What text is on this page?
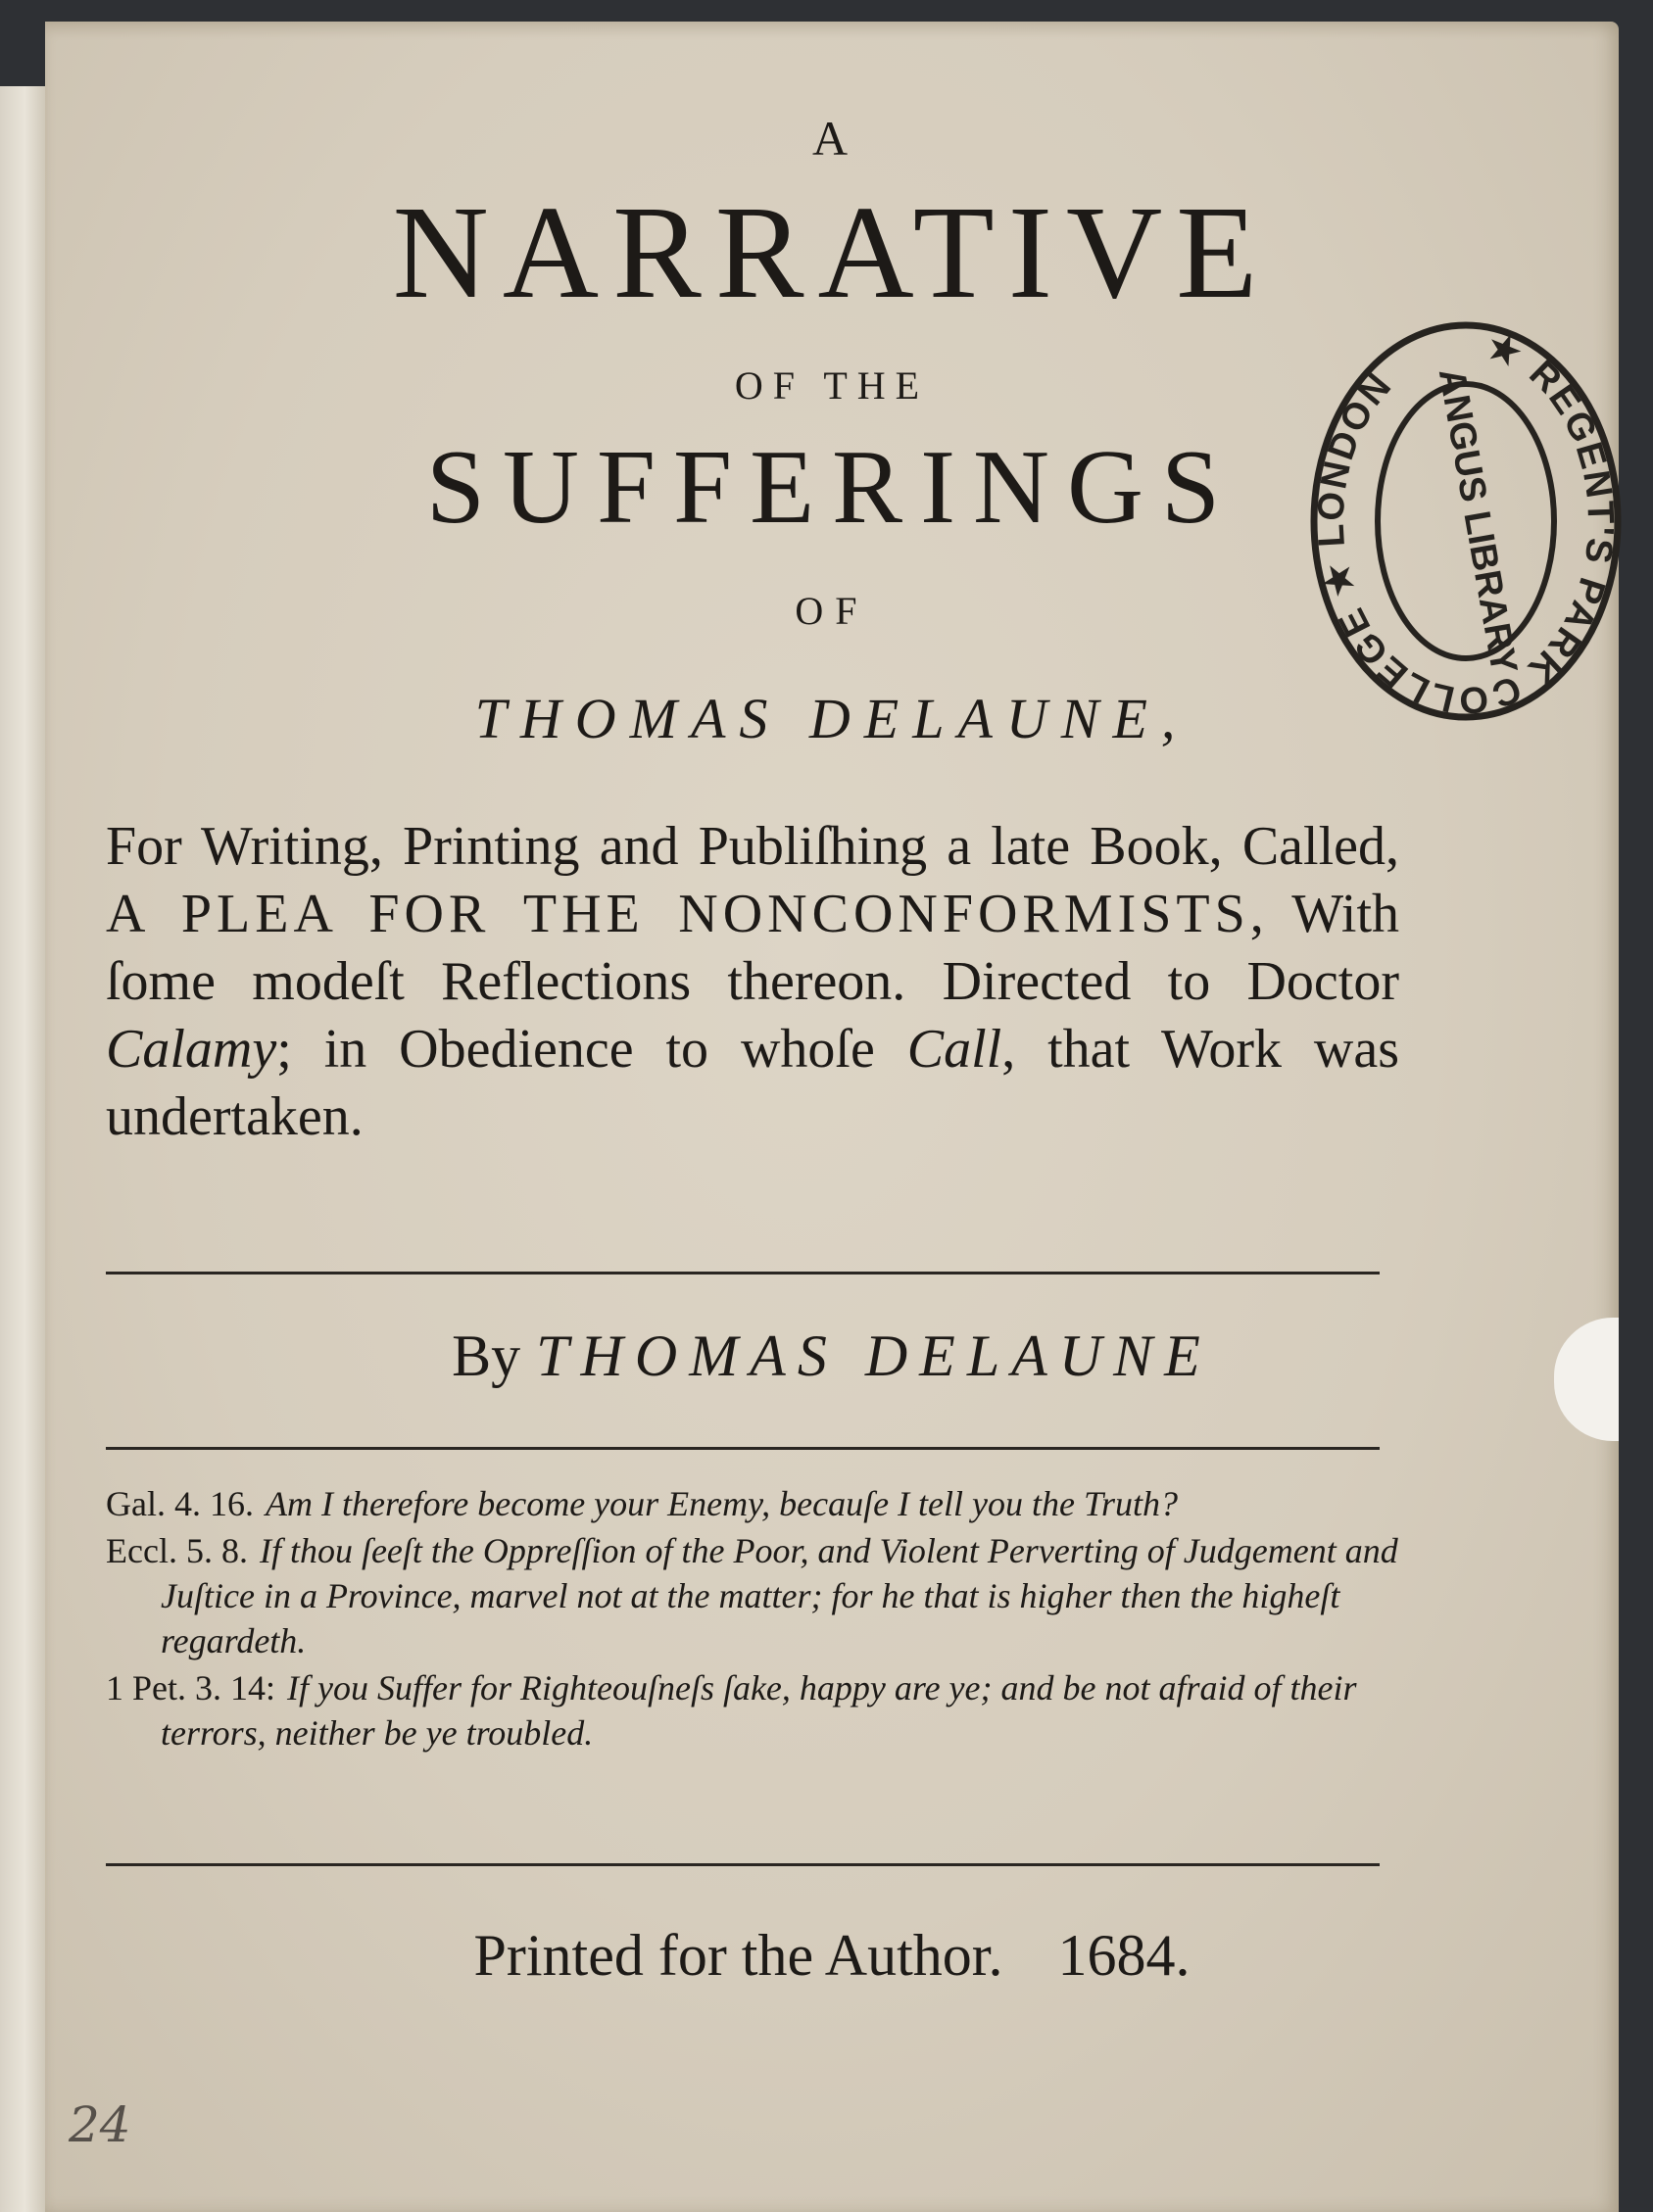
A
NARRATIVE
OF THE
SUFFERINGS
OF
THOMAS DELAUNE,
For Writing, Printing and Publiſhing a late Book, Called, A PLEA FOR THE NONCONFORMISTS, With ſome modeſt Reflections thereon. Directed to Doctor Calamy; in Obedience to whoſe Call, that Work was undertaken.
By THOMAS DELAUNE
Gal. 4. 16. Am I therefore become your Enemy, becauſe I tell you the Truth?
Eccl. 5. 8. If thou ſeeſt the Oppreſſion of the Poor, and Violent Perverting of Judgement and Juſtice in a Province, marvel not at the matter; for he that is higher then the higheſt regardeth.
1 Pet. 3. 14: If you Suffer for Righteouſneſs ſake, happy are ye; and be not afraid of their terrors, neither be ye troubled.
Printed for the Author. 1684.
24
★ REGENT'S PARK COLLEGE ★ LONDON ANGUS LIBRARY
